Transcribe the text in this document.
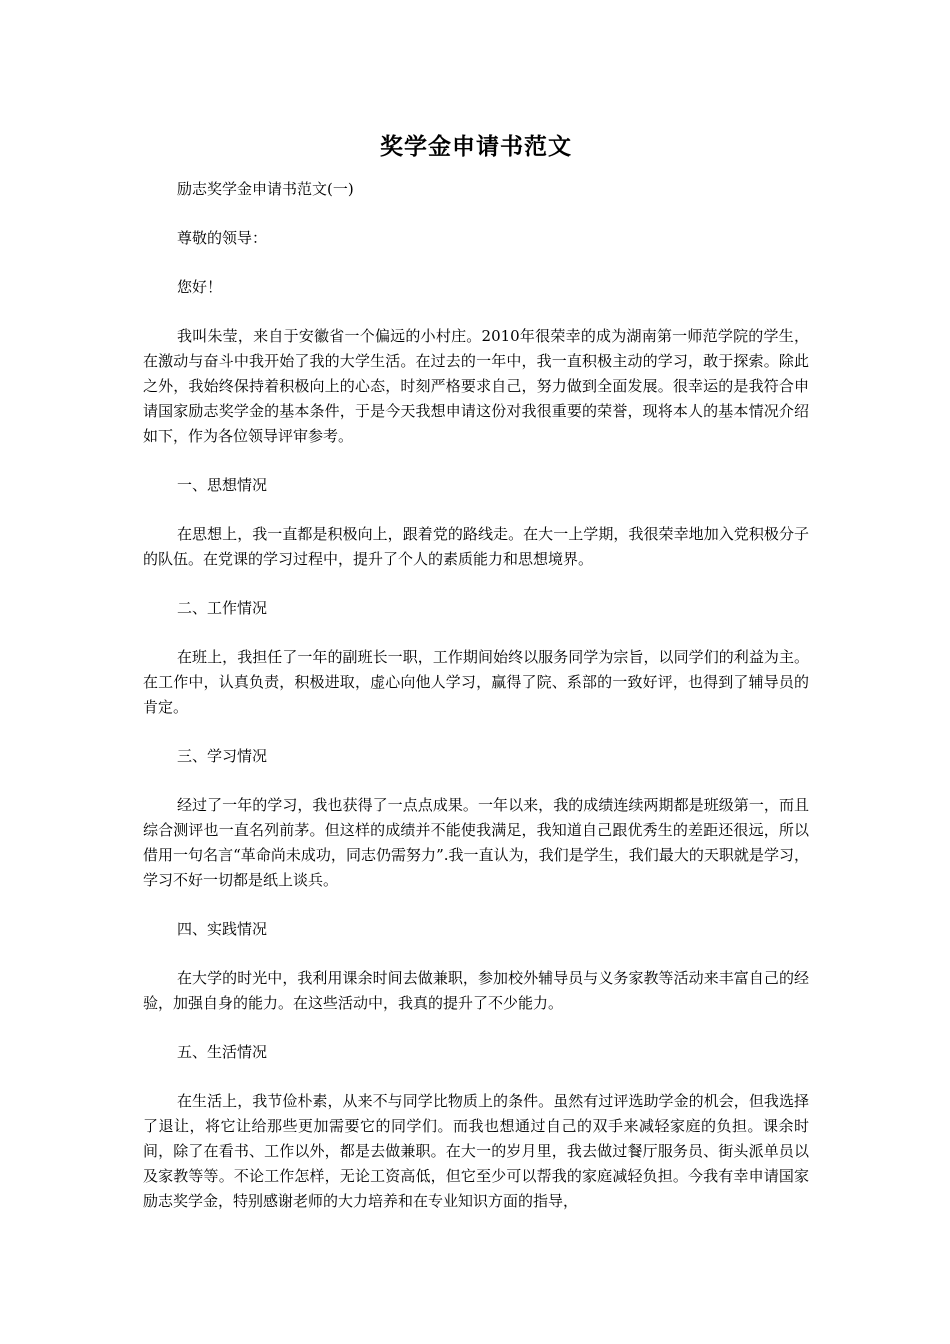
奖学金申请书范文

励志奖学金申请书范文(一)

尊敬的领导：

您好！

我叫朱莹，来自于安徽省一个偏远的小村庄。2010年很荣幸的成为湖南第一师范学院的学生，在激动与奋斗中我开始了我的大学生活。在过去的一年中，我一直积极主动的学习，敢于探索。除此之外，我始终保持着积极向上的心态，时刻严格要求自己，努力做到全面发展。很幸运的是我符合申请国家励志奖学金的基本条件，于是今天我想申请这份对我很重要的荣誉，现将本人的基本情况介绍如下，作为各位领导评审参考。

一、思想情况

在思想上，我一直都是积极向上，跟着党的路线走。在大一上学期，我很荣幸地加入党积极分子的队伍。在党课的学习过程中，提升了个人的素质能力和思想境界。

二、工作情况

在班上，我担任了一年的副班长一职，工作期间始终以服务同学为宗旨，以同学们的利益为主。在工作中，认真负责，积极进取，虚心向他人学习，赢得了院、系部的一致好评，也得到了辅导员的肯定。

三、学习情况

经过了一年的学习，我也获得了一点点成果。一年以来，我的成绩连续两期都是班级第一，而且综合测评也一直名列前茅。但这样的成绩并不能使我满足，我知道自己跟优秀生的差距还很远，所以借用一句名言“革命尚未成功，同志仍需努力”.我一直认为，我们是学生，我们最大的天职就是学习，学习不好一切都是纸上谈兵。

四、实践情况

在大学的时光中，我利用课余时间去做兼职，参加校外辅导员与义务家教等活动来丰富自己的经验，加强自身的能力。在这些活动中，我真的提升了不少能力。

五、生活情况

在生活上，我节俭朴素，从来不与同学比物质上的条件。虽然有过评选助学金的机会，但我选择了退让，将它让给那些更加需要它的同学们。而我也想通过自己的双手来减轻家庭的负担。课余时间，除了在看书、工作以外，都是去做兼职。在大一的岁月里，我去做过餐厅服务员、街头派单员以及家教等等。不论工作怎样，无论工资高低，但它至少可以帮我的家庭减轻负担。今我有幸申请国家励志奖学金，特别感谢老师的大力培养和在专业知识方面的指导，
